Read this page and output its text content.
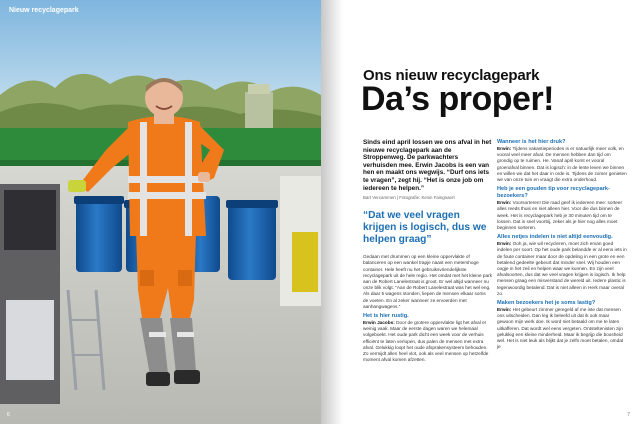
Nieuw recyclagepark
6
Ons nieuw recyclagepark
Da’s proper!
Sinds eind april lossen we ons afval in het nieuwe recyclagepark aan de Stroppenweg. De parkwachters verhuisden mee. Erwin Jacobs is een van hen en maakt ons wegwijs. “Durf ons iets te vragen”, zegt hij. “Het is onze job om iedereen te helpen.”
Bart Vercammen | Fotografie: Kevin Faingnaert
“Dat we veel vragen krijgen is logisch, dus we helpen graag”
Gedaan met drummen op een kleine oppervlakte of balanceren op een wankel trapje naast een metershoge container. Hele heeft nu het gebruiksvriendelijkste recyclagepark uit de hele regio. Het omdat met het kleine park aan de Robert Lanelestraat is groot. Er wel altijd wanneer nu onze blik volgt. “Aan de Robert Lanelestraat was het wel eng. Als daar 5 wagens stonden, liepen de mensen elkaar soms de voeten. En al zeker wanneer ze ervoerden met aanhangwagens.”
Het is hier rustig.
Erwin Jacobs: Door de grotere oppervlakte ligt het afval er weinig vaak. Maar de eerste dagen waren we helemaal volgeboekt. Het oude park dicht een week voor de verhuis efficiënt te laten verlopen, dus palen de mensen met extra afval. Gelukkig loopt het oude afsprakensysteem behouden. Zo vermijdt allen heel vlot, ook als veel mensen op hetzelfde moment afval komen afzetten.
Wanneer is het hier druk?
Erwin: Tijdens vakantieperiodes is er natuurlijk meer volk, en vooral veel meer afval. De mensen hebben dan tijd om grondig op te ruimen. He. Vanaf april komt er vooral groenafval binnen. Dat is logisch: in de lente leven we binnen en willen we dat het daar in orde is. Tijdens de zomer genieten we van onze tuin en vraagt die extra onderhoud.
Heb je een gouden tip voor recyclagepark-bezoekers?
Erwin: Voorsorteren! Die raad geef ik iedereen mee: sorteer alles reeds thuis en niet alleen hier. Voor die dus binnen de week. Het is recyclagepark heb je 30 minuten tijd om te lossen. Dat is snel voorbij, zeker als je hier nog alles moet beginnen sorteren.
Alles netjes indelen is niet altijd eenvoudig.
Erwin: Ooh ja, wie wil recycleren, moet zich ervan goed indelen per soort. Op het oude park belandde er al eens iets in de foute container maar door de opdeling in een grote en een betalend gedeelte gebeurt dat minder snel. Wij houden een oogje in het zeil en helpen waar we kunnen. En zijn veel afvalsoorten, dus dat we veel vragen krijgen is logisch. Ik help mensen graag een misverstand de wereld uit. Iedere plastic is tegenwoordig betalend. Dat is niet alleen in Herk maar overal zo.
Maken bezoekers het je soms lastig?
Erwin: Het gebeurt zimmer geregeld af me iste dat mensen ons uitscheiden. Dan leg ik beleefd uit dat ik ook maar gewoon mijn werk doe. Ik word niet betaald om me te laten uitkafferen. Dat wordt wel eens vergeten. Ontsteltenisten zijn gelukkig een kleine minderheid. Maar ik begrijp die boosheid wel. Het is niet leuk als blijkt dat je zelfs moet betalen, omdat je
7
